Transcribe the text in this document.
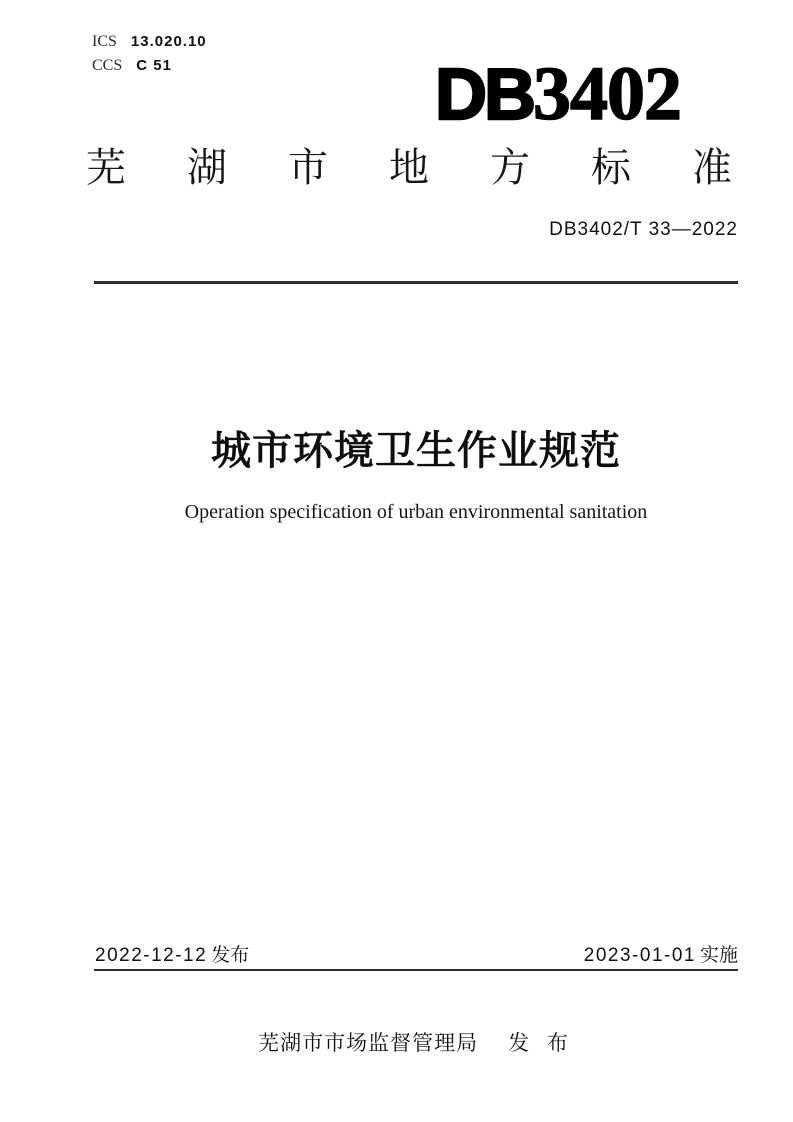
ICS 13.020.10
CCS C 51	DB3402
芜湖市地方标准
DB3402/T 33—2022
城市环境卫生作业规范
Operation specification of urban environmental sanitation
2022-12-12 发布	2023-01-01 实施
芜湖市市场监督管理局 发 布
